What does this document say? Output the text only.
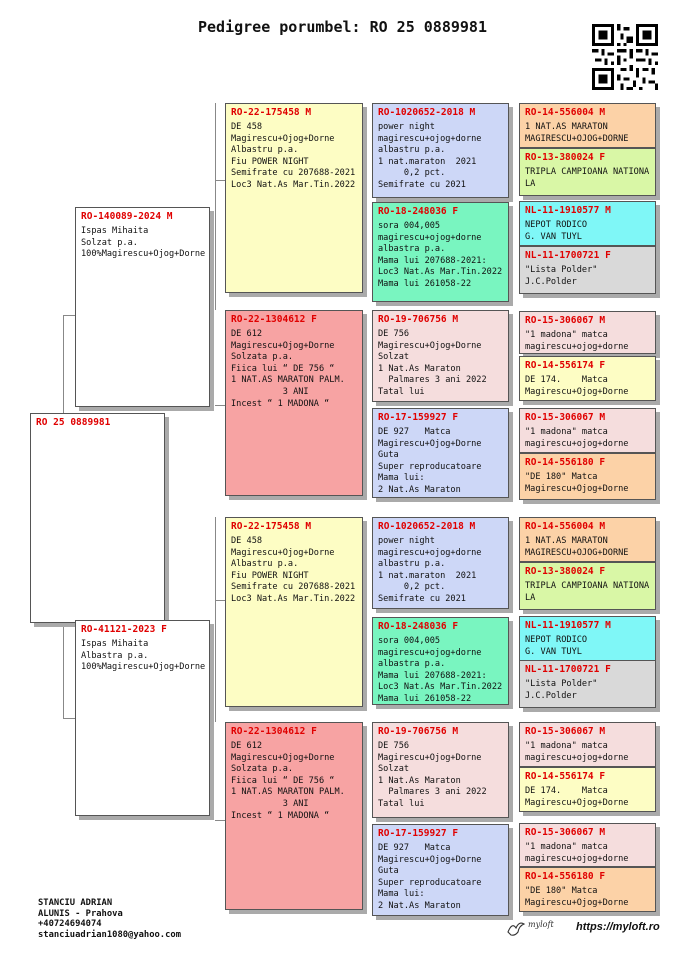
Pedigree porumbel: RO 25 0889981
RO 25 0889981
RO-140089-2024 M
Ispas Mihaita
Solzat p.a.
100%Magirescu+Ojog+Dorne
RO-41121-2023 F
Ispas Mihaita
Albastra p.a.
100%Magirescu+Ojog+Dorne
RO-22-175458 M
DE 458
Magirescu+Ojog+Dorne
Albastru p.a.
Fiu POWER NIGHT
Semifrate cu 207688-2021
Loc3 Nat.As Mar.Tin.2022
RO-22-1304612 F
DE 612
Magirescu+Ojog+Dorne
Solzata p.a.
Fiica lui “ DE 756 “
1 NAT.AS MARATON PALM.
3 ANI
Incest “ 1 MADONA “
RO-22-175458 M
DE 458
Magirescu+Ojog+Dorne
Albastru p.a.
Fiu POWER NIGHT
Semifrate cu 207688-2021
Loc3 Nat.As Mar.Tin.2022
RO-22-1304612 F
DE 612
Magirescu+Ojog+Dorne
Solzata p.a.
Fiica lui “ DE 756 “
1 NAT.AS MARATON PALM.
3 ANI
Incest “ 1 MADONA “
RO-1020652-2018 M
power night
magirescu+ojog+dorne
albastru p.a.
1 nat.maraton  2021
0,2 pct.
Semifrate cu 2021
RO-18-248036 F
sora 004,005
magirescu+ojog+dorne
albastra p.a.
Mama lui 207688-2021:
Loc3 Nat.As Mar.Tin.2022
Mama lui 261058-22
RO-19-706756 M
DE 756
Magirescu+Ojog+Dorne
Solzat
1 Nat.As Maraton
Palmares 3 ani 2022
Tatal lui
RO-17-159927 F
DE 927   Matca
Magirescu+Ojog+Dorne
Guta
Super reproducatoare
Mama lui:
2 Nat.As Maraton
RO-1020652-2018 M
power night
magirescu+ojog+dorne
albastru p.a.
1 nat.maraton  2021
0,2 pct.
Semifrate cu 2021
RO-18-248036 F
sora 004,005
magirescu+ojog+dorne
albastra p.a.
Mama lui 207688-2021:
Loc3 Nat.As Mar.Tin.2022
Mama lui 261058-22
RO-19-706756 M
DE 756
Magirescu+Ojog+Dorne
Solzat
1 Nat.As Maraton
Palmares 3 ani 2022
Tatal lui
RO-17-159927 F
DE 927   Matca
Magirescu+Ojog+Dorne
Guta
Super reproducatoare
Mama lui:
2 Nat.As Maraton
RO-14-556004 M
1 NAT.AS MARATON
MAGIRESCU+OJOG+DORNE
RO-13-380024 F
TRIPLA CAMPIOANA NATIONA
LA
NL-11-1910577 M
NEPOT RODICO
G. VAN TUYL
NL-11-1700721 F
"Lista Polder"
J.C.Polder
RO-15-306067 M
"1 madona" matca
magirescu+ojog+dorne
RO-14-556174 F
DE 174.    Matca
Magirescu+Ojog+Dorne
RO-15-306067 M
"1 madona" matca
magirescu+ojog+dorne
RO-14-556180 F
"DE 180" Matca
Magirescu+Ojog+Dorne
RO-14-556004 M
1 NAT.AS MARATON
MAGIRESCU+OJOG+DORNE
RO-13-380024 F
TRIPLA CAMPIOANA NATIONA
LA
NL-11-1910577 M
NEPOT RODICO
G. VAN TUYL
NL-11-1700721 F
"Lista Polder"
J.C.Polder
RO-15-306067 M
"1 madona" matca
magirescu+ojog+dorne
RO-14-556174 F
DE 174.    Matca
Magirescu+Ojog+Dorne
RO-15-306067 M
"1 madona" matca
magirescu+ojog+dorne
RO-14-556180 F
"DE 180" Matca
Magirescu+Ojog+Dorne
STANCIU ADRIAN
ALUNIS - Prahova
+40724694074
stanciuadrian1080@yahoo.com
myloft https://myloft.ro
